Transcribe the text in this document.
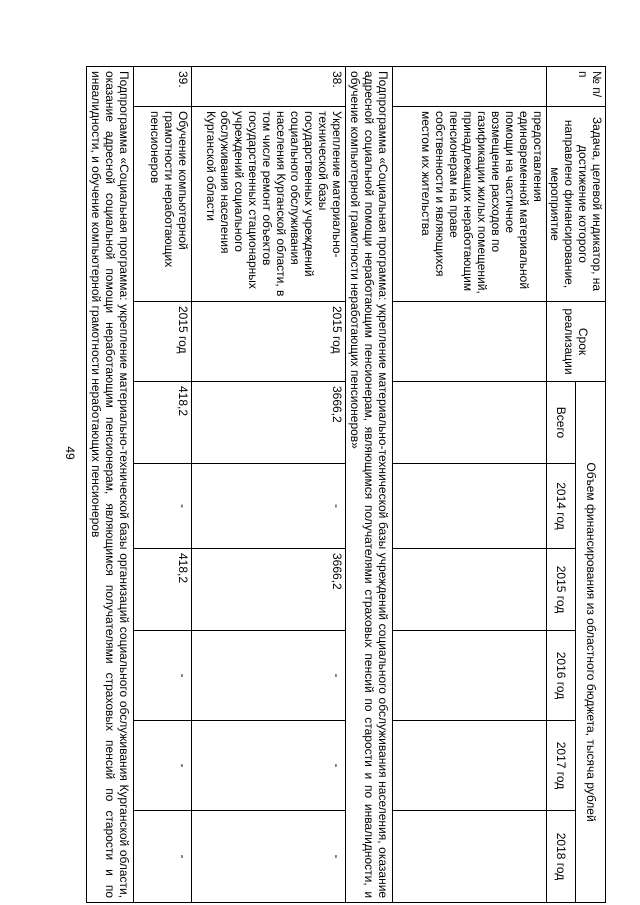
49
№ п/п	Задача, целевой индикатор, на достижение которого направлено финансирование, мероприятие	Срок реализации	Объем финансирования из областного бюджета, тысяча рублей					
			Всего	2014 год	2015 год	2016 год	2017 год	2018 год
	предоставления единовременной материальной помощи на частичное возмещение расходов по газификации жилых помещений, принадлежащих неработающим пенсионерам на праве собственности и являющихся местом их жительства							
Подпрограмма «Социальная программа: укрепление материально-технической базы учреждений социального обслуживания населения, оказание адресной социальной помощи неработающим пенсионерам, являющимся получателями страховых пенсий по старости и по инвалидности, и обучение компьютерной грамотности неработающих пенсионеров»								
38.	Укрепление материально-технической базы государственных учреждений социального обслуживания населения Курганской области, в том числе ремонт объектов государственных стационарных учреждений социального обслуживания населения Курганской области	2015 год	3666,2	-	3666,2	-	-	-
39.	Обучение компьютерной грамотности неработающих пенсионеров	2015 год	418,2	-	418,2	-	-	-
Подпрограмма «Социальная программа: укрепление материально-технической базы организаций социального обслуживания Курганской области, оказание адресной социальной помощи неработающим пенсионерам, являющимся получателями страховых пенсий по старости и по инвалидности, и обучение компьютерной грамотности неработающих пенсионеров								
